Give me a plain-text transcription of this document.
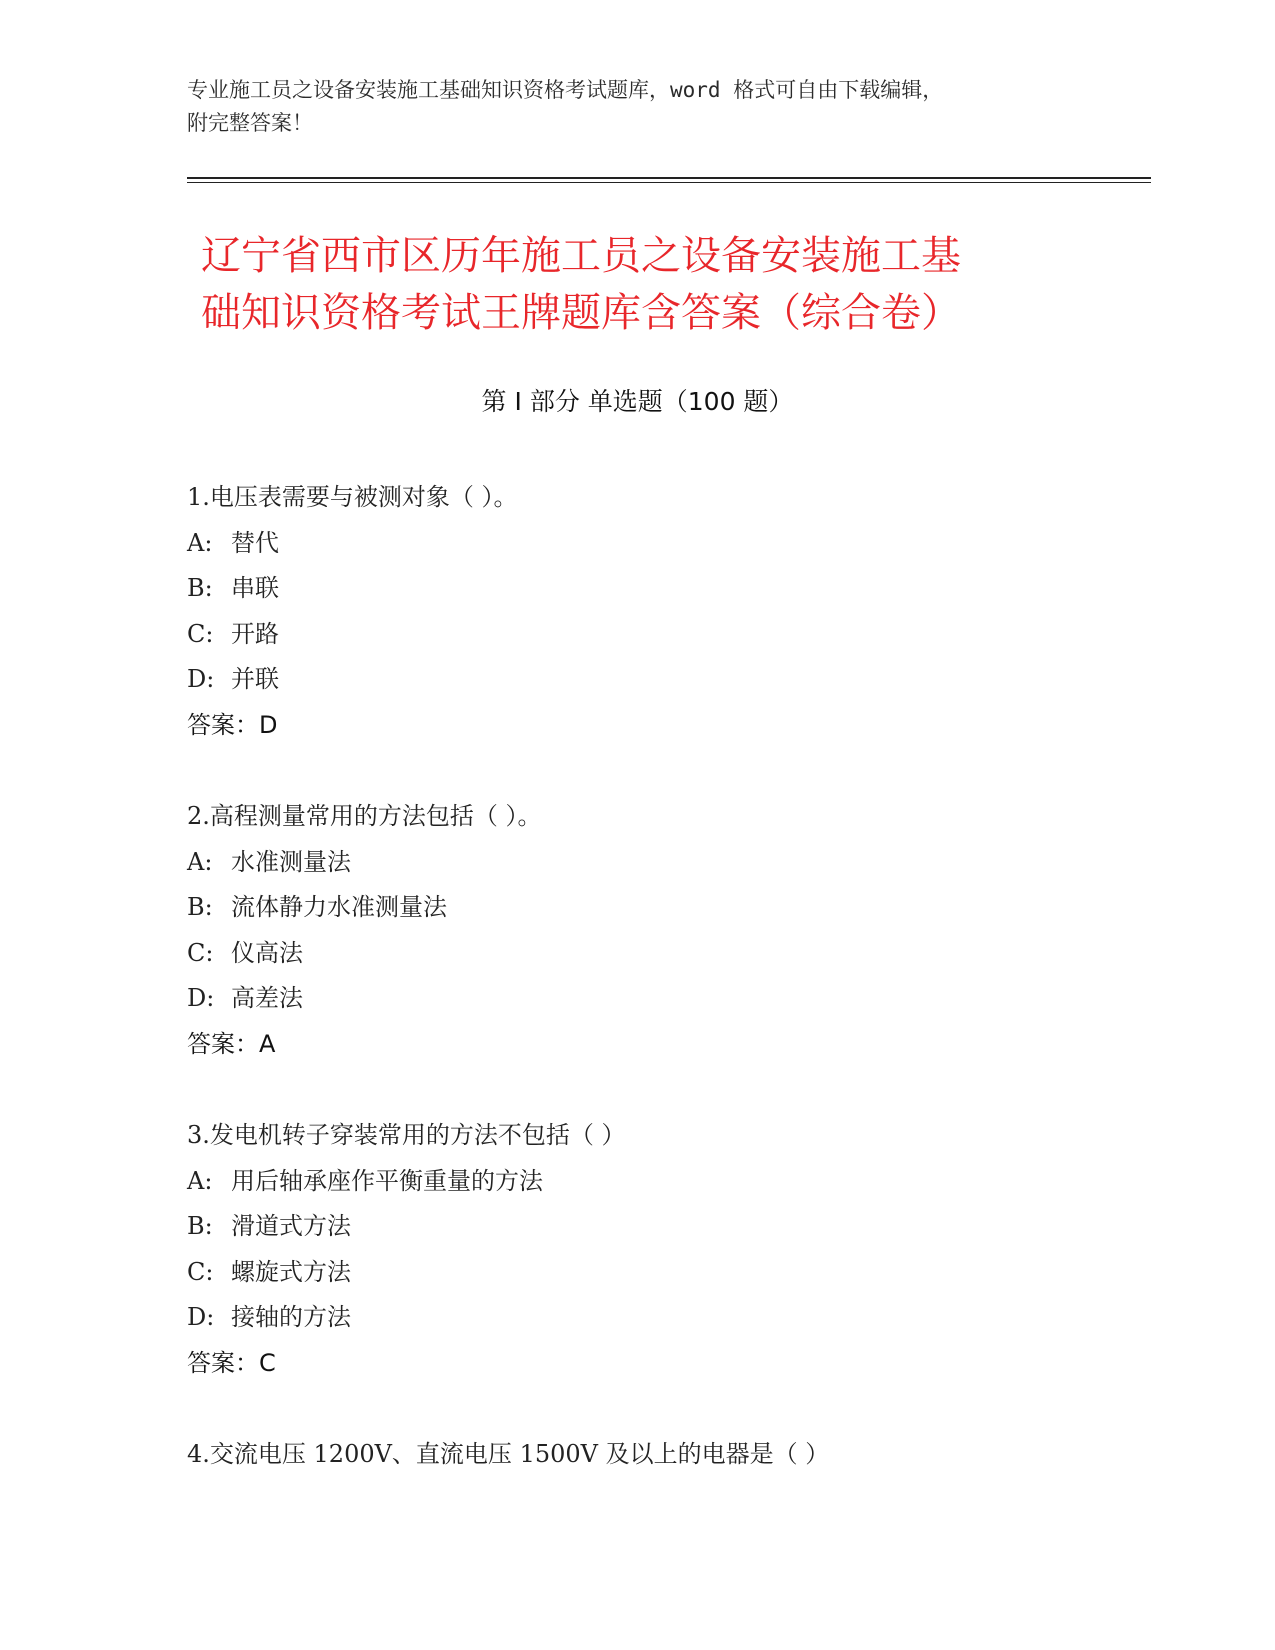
专业施工员之设备安装施工基础知识资格考试题库，word 格式可自由下载编辑，
附完整答案！
辽宁省西市区历年施工员之设备安装施工基
础知识资格考试王牌题库含答案（综合卷）
第 I 部分 单选题（100 题）
1.电压表需要与被测对象（ ）。
A: 替代
B: 串联
C: 开路
D: 并联
答案：D
2.高程测量常用的方法包括（ ）。
A: 水准测量法
B: 流体静力水准测量法
C: 仪高法
D: 高差法
答案：A
3.发电机转子穿装常用的方法不包括（ ）
A: 用后轴承座作平衡重量的方法
B: 滑道式方法
C: 螺旋式方法
D: 接轴的方法
答案：C
4.交流电压 1200V、直流电压 1500V 及以上的电器是（ ）
